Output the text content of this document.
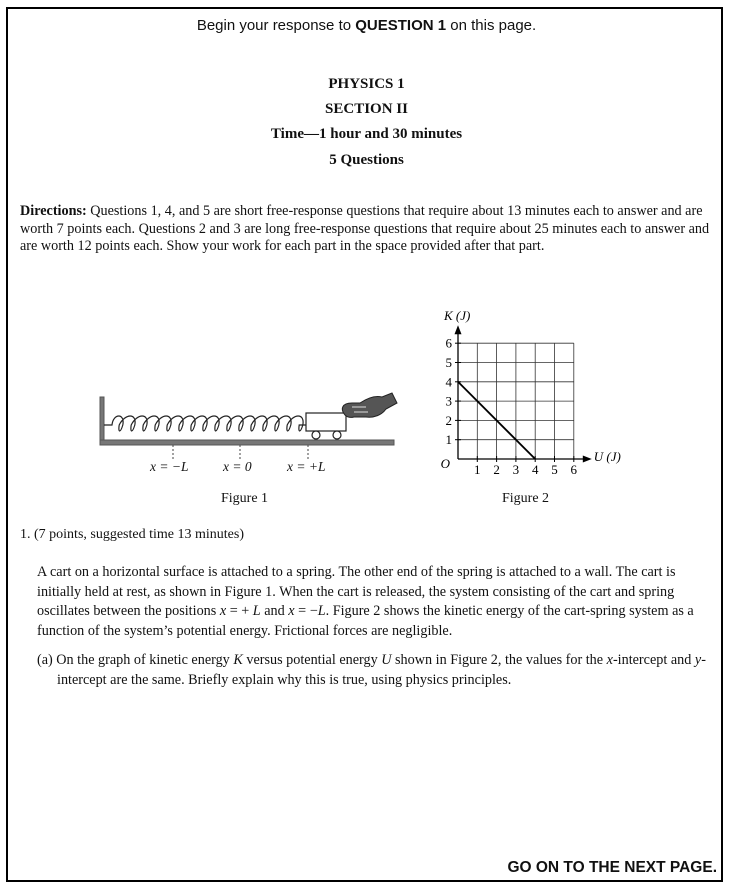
Begin your response to QUESTION 1 on this page.
PHYSICS 1
SECTION II
Time—1 hour and 30 minutes
5 Questions
Directions: Questions 1, 4, and 5 are short free-response questions that require about 13 minutes each to answer and are worth 7 points each. Questions 2 and 3 are long free-response questions that require about 25 minutes each to answer and are worth 12 points each. Show your work for each part in the space provided after that part.
x = −L	x = 0	x = +L
Figure 1
1 2 3 4 5 6
1
2
3
4
5
6
O
K (J)
U (J)
Figure 2
1. (7 points, suggested time 13 minutes)
A cart on a horizontal surface is attached to a spring. The other end of the spring is attached to a wall. The cart is initially held at rest, as shown in Figure 1. When the cart is released, the system consisting of the cart and spring oscillates between the positions x = + L and x = −L. Figure 2 shows the kinetic energy of the cart-spring system as a function of the system’s potential energy. Frictional forces are negligible.
(a) On the graph of kinetic energy K versus potential energy U shown in Figure 2, the values for the x-intercept and y-intercept are the same. Briefly explain why this is true, using physics principles.
GO ON TO THE NEXT PAGE.
